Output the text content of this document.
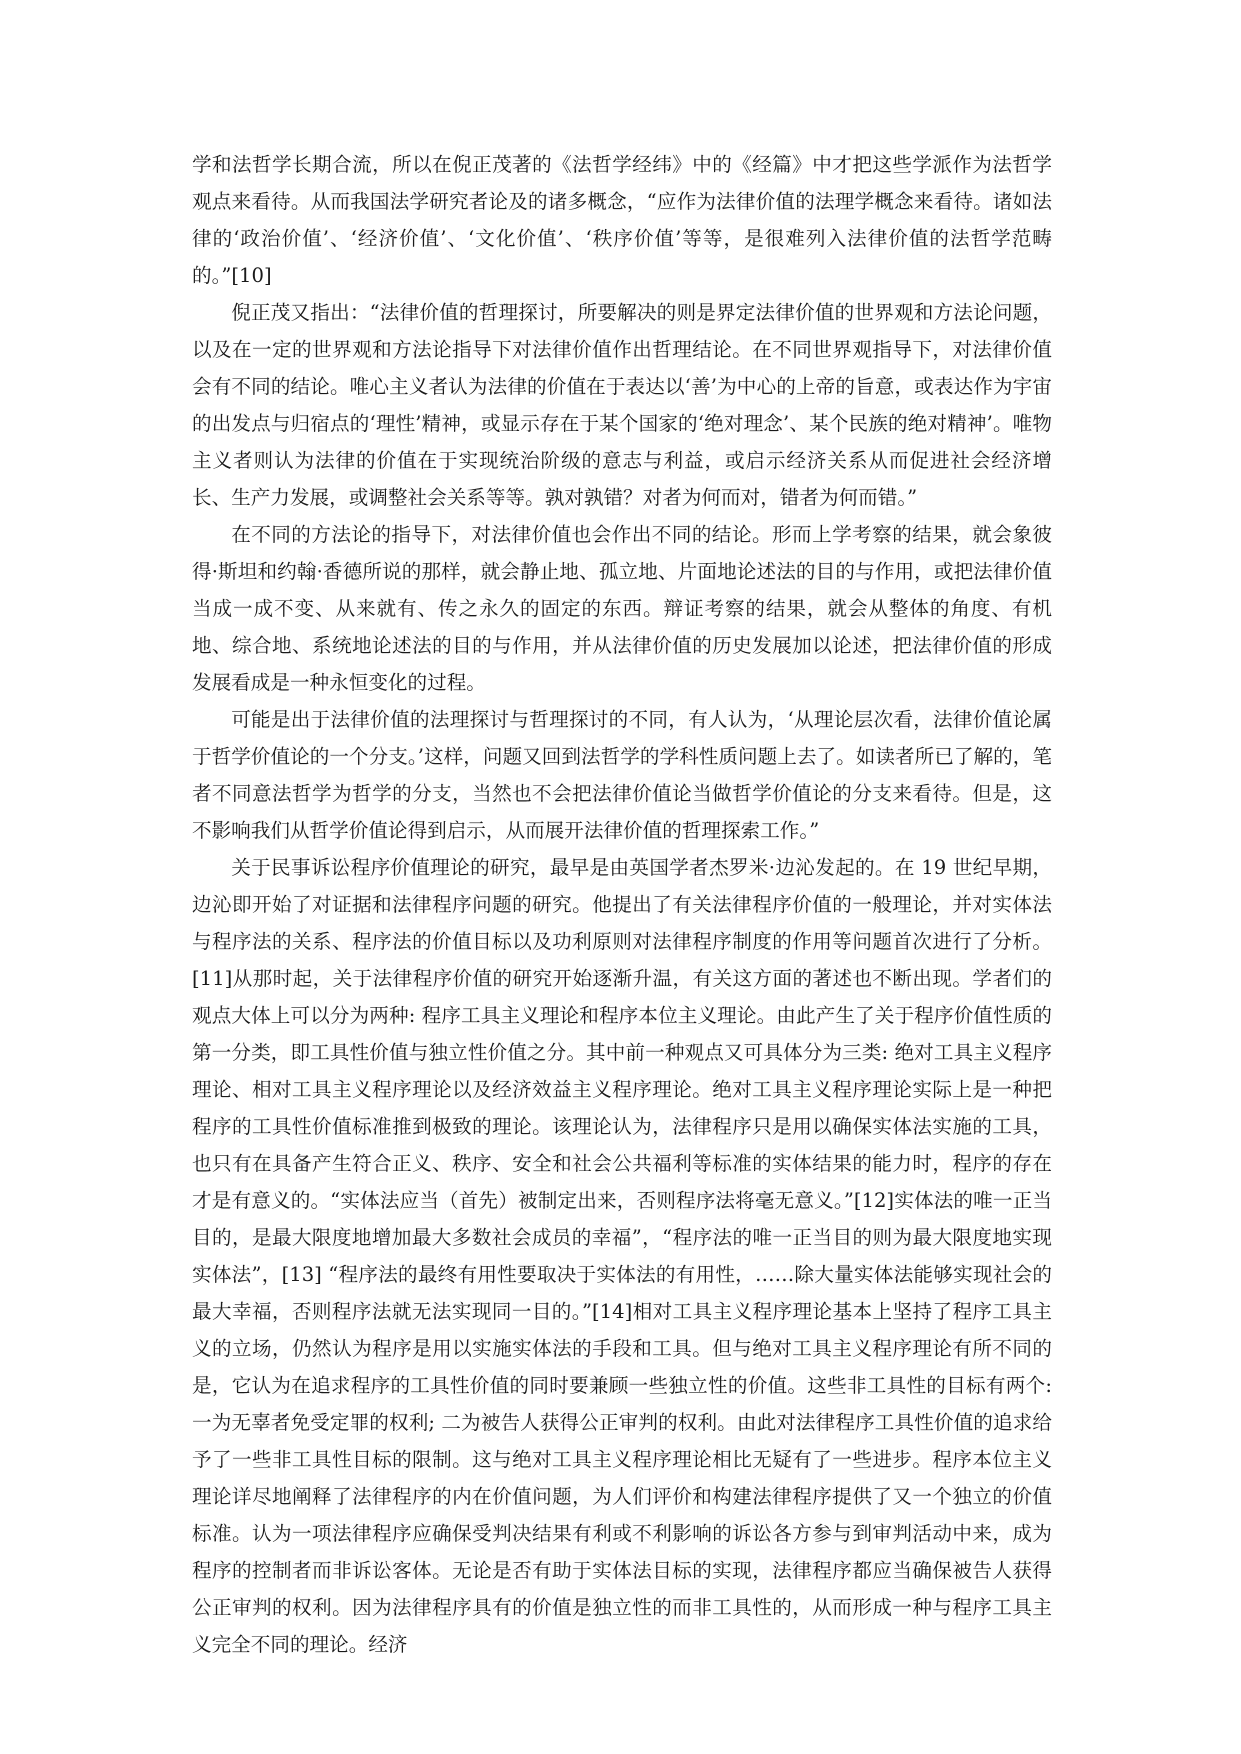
学和法哲学长期合流，所以在倪正茂著的《法哲学经纬》中的《经篇》中才把这些学派作为法哲学观点来看待。从而我国法学研究者论及的诸多概念，“应作为法律价值的法理学概念来看待。诸如法律的‘政治价值’、‘经济价值’、‘文化价值’、‘秩序价值’等等，是很难列入法律价值的法哲学范畴的。”[10]

倪正茂又指出：“法律价值的哲理探讨，所要解决的则是界定法律价值的世界观和方法论问题，以及在一定的世界观和方法论指导下对法律价值作出哲理结论。在不同世界观指导下，对法律价值会有不同的结论。唯心主义者认为法律的价值在于表达以‘善’为中心的上帝的旨意，或表达作为宇宙的出发点与归宿点的‘理性’精神，或显示存在于某个国家的‘绝对理念’、某个民族的绝对精神’。唯物主义者则认为法律的价值在于实现统治阶级的意志与利益，或启示经济关系从而促进社会经济增长、生产力发展，或调整社会关系等等。孰对孰错？对者为何而对，错者为何而错。”

在不同的方法论的指导下，对法律价值也会作出不同的结论。形而上学考察的结果，就会象彼得·斯坦和约翰·香德所说的那样，就会静止地、孤立地、片面地论述法的目的与作用，或把法律价值当成一成不变、从来就有、传之永久的固定的东西。辩证考察的结果，就会从整体的角度、有机地、综合地、系统地论述法的目的与作用，并从法律价值的历史发展加以论述，把法律价值的形成发展看成是一种永恒变化的过程。

可能是出于法律价值的法理探讨与哲理探讨的不同，有人认为，‘从理论层次看，法律价值论属于哲学价值论的一个分支。’这样，问题又回到法哲学的学科性质问题上去了。如读者所已了解的，笔者不同意法哲学为哲学的分支，当然也不会把法律价值论当做哲学价值论的分支来看待。但是，这不影响我们从哲学价值论得到启示，从而展开法律价值的哲理探索工作。”

关于民事诉讼程序价值理论的研究，最早是由英国学者杰罗米·边沁发起的。在 19 世纪早期，边沁即开始了对证据和法律程序问题的研究。他提出了有关法律程序价值的一般理论，并对实体法与程序法的关系、程序法的价值目标以及功利原则对法律程序制度的作用等问题首次进行了分析。[11]从那时起，关于法律程序价值的研究开始逐渐升温，有关这方面的著述也不断出现。学者们的观点大体上可以分为两种: 程序工具主义理论和程序本位主义理论。由此产生了关于程序价值性质的第一分类，即工具性价值与独立性价值之分。其中前一种观点又可具体分为三类: 绝对工具主义程序理论、相对工具主义程序理论以及经济效益主义程序理论。绝对工具主义程序理论实际上是一种把程序的工具性价值标准推到极致的理论。该理论认为，法律程序只是用以确保实体法实施的工具，也只有在具备产生符合正义、秩序、安全和社会公共福利等标准的实体结果的能力时，程序的存在才是有意义的。“实体法应当（首先）被制定出来，否则程序法将毫无意义。”[12]实体法的唯一正当目的，是最大限度地增加最大多数社会成员的幸福”，“程序法的唯一正当目的则为最大限度地实现实体法”，[13] “程序法的最终有用性要取决于实体法的有用性，……除大量实体法能够实现社会的最大幸福，否则程序法就无法实现同一目的。”[14]相对工具主义程序理论基本上坚持了程序工具主义的立场，仍然认为程序是用以实施实体法的手段和工具。但与绝对工具主义程序理论有所不同的是，它认为在追求程序的工具性价值的同时要兼顾一些独立性的价值。这些非工具性的目标有两个: 一为无辜者免受定罪的权利; 二为被告人获得公正审判的权利。由此对法律程序工具性价值的追求给予了一些非工具性目标的限制。这与绝对工具主义程序理论相比无疑有了一些进步。程序本位主义理论详尽地阐释了法律程序的内在价值问题，为人们评价和构建法律程序提供了又一个独立的价值标准。认为一项法律程序应确保受判决结果有利或不利影响的诉讼各方参与到审判活动中来，成为程序的控制者而非诉讼客体。无论是否有助于实体法目标的实现，法律程序都应当确保被告人获得公正审判的权利。因为法律程序具有的价值是独立性的而非工具性的，从而形成一种与程序工具主义完全不同的理论。经济
